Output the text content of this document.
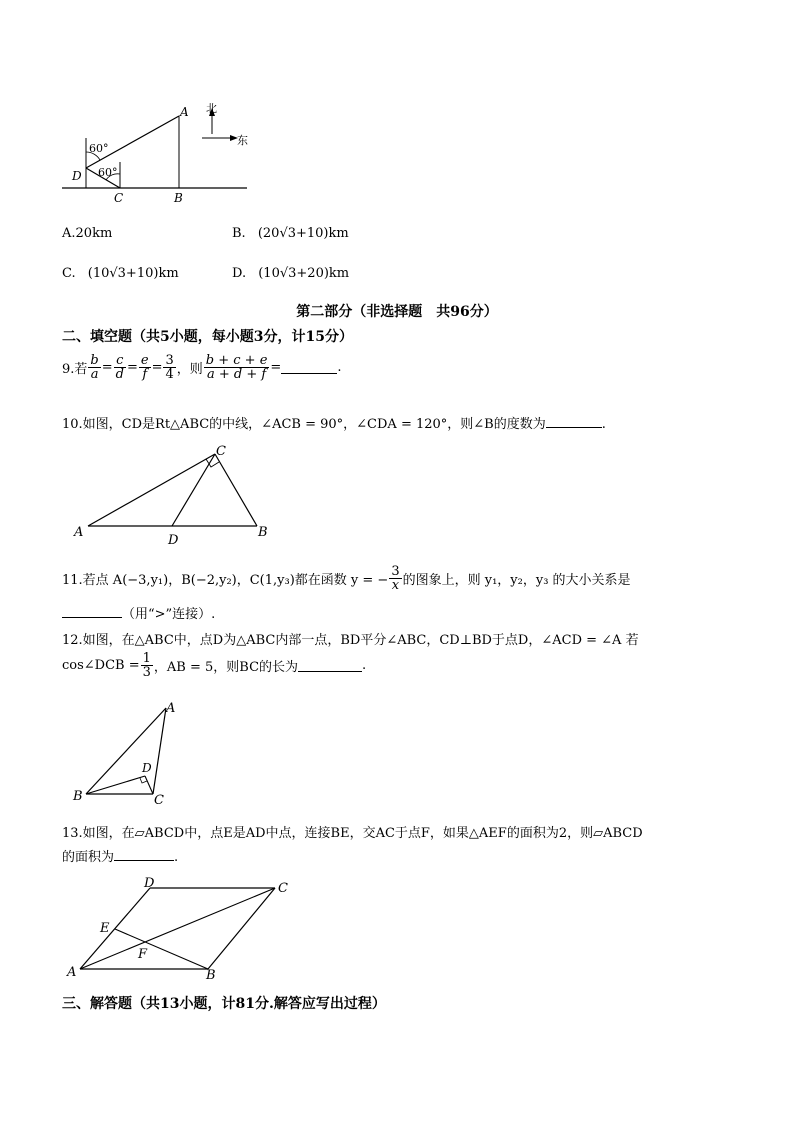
60°
60°
A
B
C
D
北
东
A.20km	B. (20√3+10)km
C. (10√3+10)km	D. (10√3+20)km
第二部分（非选择题　共96分）
二、填空题（共5小题，每小题3分，计15分）
9.若 $\frac{b}{a} = \frac{c}{d} = \frac{e}{f} = \frac{3}{4}$ ，则 $\frac{b + c + e}{a + d + f}$ =	.
10.如图，CD是Rt△ABC的中线，∠ACB = 90°，∠CDA = 120°，则∠B的度数为	.
A	B
C
D
11.若点 A(−3,y₁)，B(−2,y₂)，C(1,y₃)都在函数 y = − $\frac{3}{x}$ 的图象上，则 y₁，y₂，y₃ 的大小关系是
（用“>”连接）.
12.如图，在△ABC中，点D为△ABC内部一点，BD平分∠ABC，CD⊥BD于点D，∠ACD = ∠A 若
cos∠DCB = $\frac{1}{3}$ ，AB = 5，则BC的长为	.
A
B	C
D
13.如图，在▱ABCD中，点E是AD中点，连接BE，交AC于点F，如果△AEF的面积为2，则▱ABCD
的面积为	.
A	B
C
D
E
F
三、解答题（共13小题，计81分.解答应写出过程）
